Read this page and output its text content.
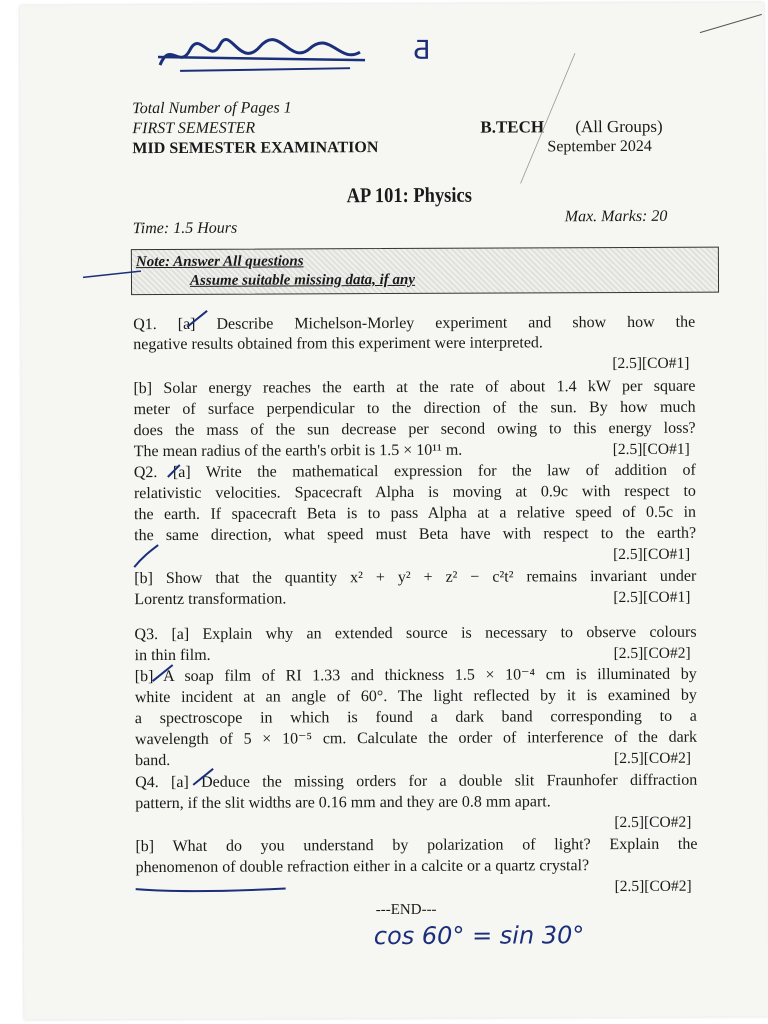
Ƌ
Total Number of Pages 1
FIRST SEMESTER
MID SEMESTER EXAMINATION
B.TECH (All Groups)
September 2024
AP 101: Physics
Time: 1.5 Hours
Max. Marks: 20
Note: Answer All questions
Assume suitable missing data, if any
Q1. [a] Describe Michelson-Morley experiment and show how the
negative results obtained from this experiment were interpreted.
[2.5][CO#1]
[b] Solar energy reaches the earth at the rate of about 1.4 kW per square
meter of surface perpendicular to the direction of the sun. By how much
does the mass of the sun decrease per second owing to this energy loss?
The mean radius of the earth's orbit is 1.5 × 10¹¹ m.	[2.5][CO#1]
Q2. [a] Write the mathematical expression for the law of addition of
relativistic velocities. Spacecraft Alpha is moving at 0.9c with respect to
the earth. If spacecraft Beta is to pass Alpha at a relative speed of 0.5c in
the same direction, what speed must Beta have with respect to the earth?
[2.5][CO#1]
[b] Show that the quantity x² + y² + z² − c²t² remains invariant under
Lorentz transformation.	[2.5][CO#1]
Q3. [a] Explain why an extended source is necessary to observe colours
in thin film.	[2.5][CO#2]
[b] A soap film of RI 1.33 and thickness 1.5 × 10⁻⁴ cm is illuminated by
white incident at an angle of 60°. The light reflected by it is examined by
a spectroscope in which is found a dark band corresponding to a
wavelength of 5 × 10⁻⁵ cm. Calculate the order of interference of the dark
band.	[2.5][CO#2]
Q4. [a] Deduce the missing orders for a double slit Fraunhofer diffraction
pattern, if the slit widths are 0.16 mm and they are 0.8 mm apart.
[2.5][CO#2]
[b] What do you understand by polarization of light? Explain the
phenomenon of double refraction either in a calcite or a quartz crystal?
[2.5][CO#2]
---END---
cos 60° = sin 30°
